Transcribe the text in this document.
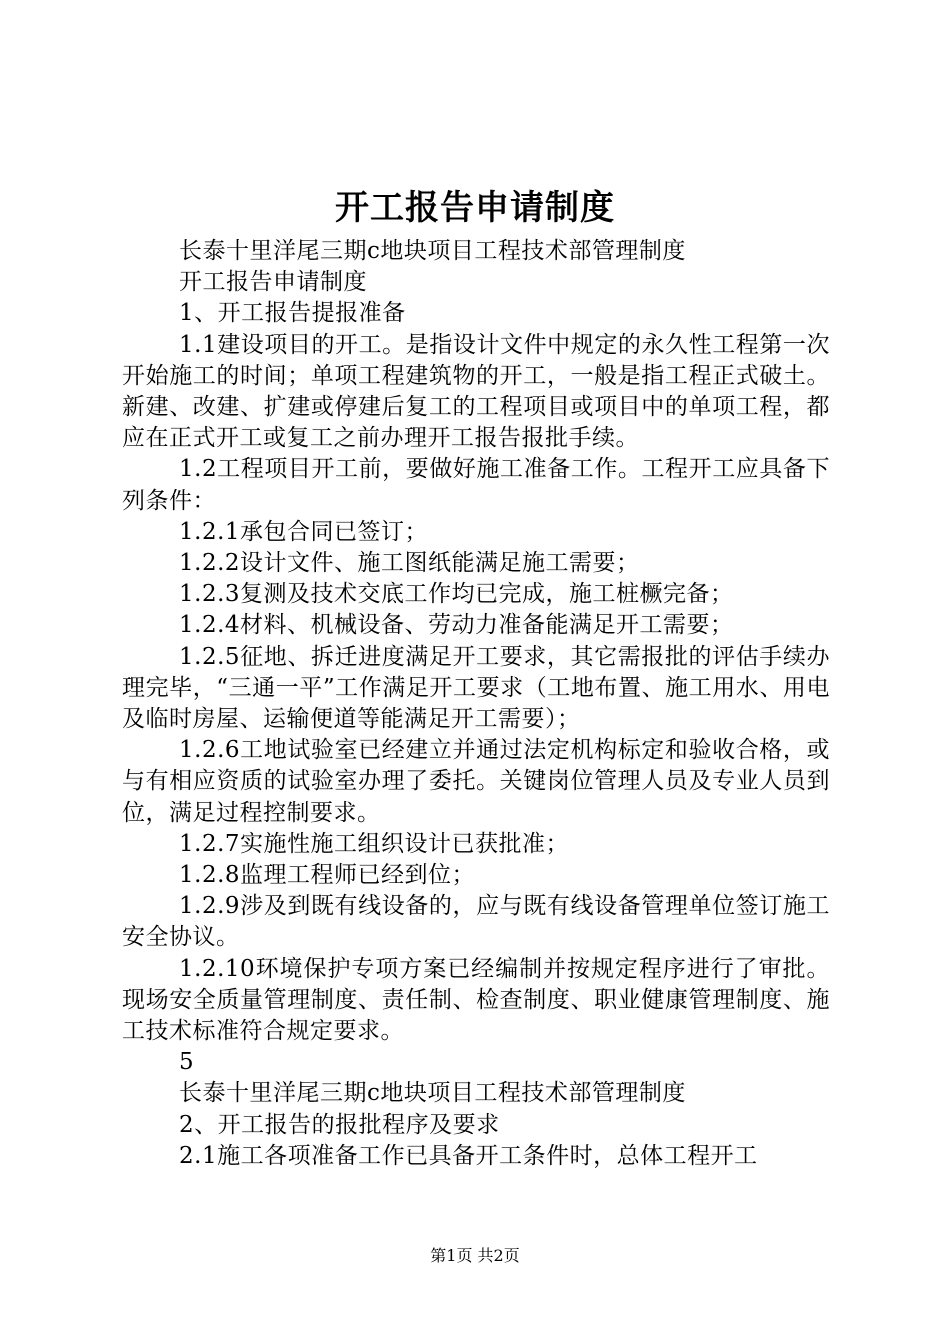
开工报告申请制度

长泰十里洋尾三期c地块项目工程技术部管理制度

开工报告申请制度

1、开工报告提报准备

1.1建设项目的开工。是指设计文件中规定的永久性工程第一次开始施工的时间；单项工程建筑物的开工，一般是指工程正式破土。新建、改建、扩建或停建后复工的工程项目或项目中的单项工程，都应在正式开工或复工之前办理开工报告报批手续。

1.2工程项目开工前，要做好施工准备工作。工程开工应具备下列条件：

1.2.1承包合同已签订；

1.2.2设计文件、施工图纸能满足施工需要；

1.2.3复测及技术交底工作均已完成，施工桩橛完备；

1.2.4材料、机械设备、劳动力准备能满足开工需要；

1.2.5征地、拆迁进度满足开工要求，其它需报批的评估手续办理完毕，“三通一平”工作满足开工要求（工地布置、施工用水、用电及临时房屋、运输便道等能满足开工需要）；

1.2.6工地试验室已经建立并通过法定机构标定和验收合格，或与有相应资质的试验室办理了委托。关键岗位管理人员及专业人员到位，满足过程控制要求。

1.2.7实施性施工组织设计已获批准；

1.2.8监理工程师已经到位；

1.2.9涉及到既有线设备的，应与既有线设备管理单位签订施工安全协议。

1.2.10环境保护专项方案已经编制并按规定程序进行了审批。现场安全质量管理制度、责任制、检查制度、职业健康管理制度、施工技术标准符合规定要求。

5

长泰十里洋尾三期c地块项目工程技术部管理制度

2、开工报告的报批程序及要求

2.1施工各项准备工作已具备开工条件时，总体工程开工

第1页 共2页
